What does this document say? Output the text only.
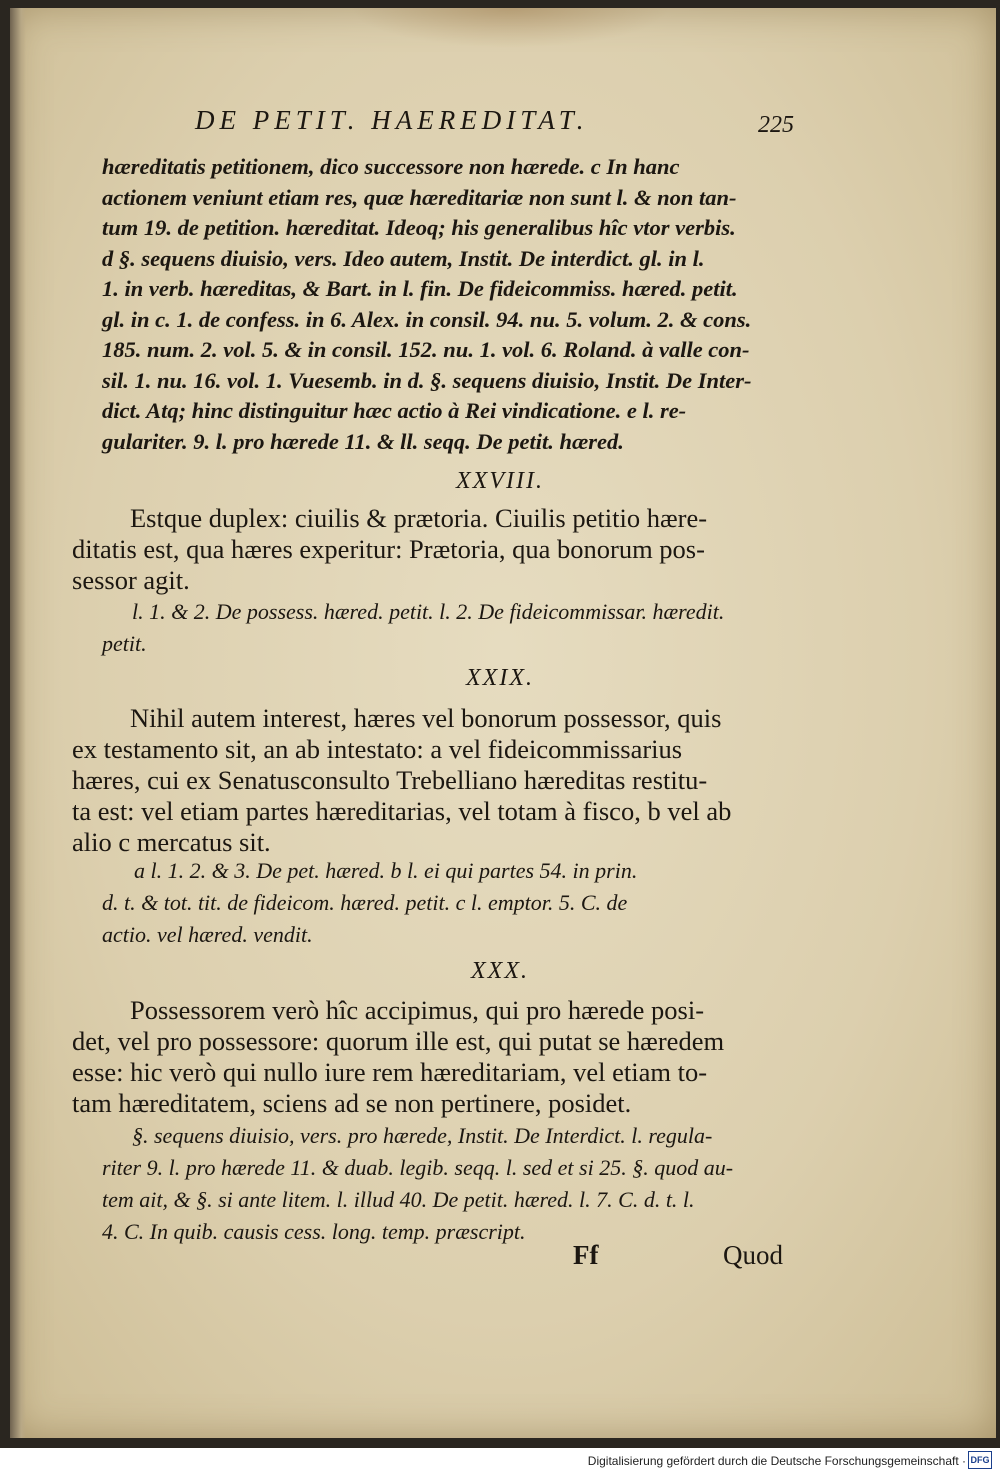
DE PETIT. HAEREDITAT.	225
hæreditatis petitionem, dico successore non hærede. c In hanc
actionem veniunt etiam res, quæ hæreditariæ non sunt l. & non tan-
tum 19. de petition. hæreditat. Ideoq; his generalibus hîc vtor verbis.
d §. sequens diuisio, vers. Ideo autem, Instit. De interdict. gl. in l.
1. in verb. hæreditas, & Bart. in l. fin. De fideicommiss. hæred. petit.
gl. in c. 1. de confess. in 6. Alex. in consil. 94. nu. 5. volum. 2. & cons.
185. num. 2. vol. 5. & in consil. 152. nu. 1. vol. 6. Roland. à valle con-
sil. 1. nu. 16. vol. 1. Vuesemb. in d. §. sequens diuisio, Instit. De Inter-
dict. Atq; hinc distinguitur hæc actio à Rei vindicatione. e l. re-
gulariter. 9. l. pro hærede 11. & ll. seqq. De petit. hæred.
XXVIII.
Estque duplex: ciuilis & prætoria. Ciuilis petitio hære-
ditatis est, qua hæres experitur: Prætoria, qua bonorum pos-
sessor agit.
l. 1. & 2. De possess. hæred. petit. l. 2. De fideicommissar. hæredit.
petit.
XXIX.
Nihil autem interest, hæres vel bonorum possessor, quis
ex testamento sit, an ab intestato: a vel fideicommissarius
hæres, cui ex Senatusconsulto Trebelliano hæreditas restitu-
ta est: vel etiam partes hæreditarias, vel totam à fisco, b vel ab
alio c mercatus sit.
a l. 1. 2. & 3. De pet. hæred. b l. ei qui partes 54. in prin.
d. t. & tot. tit. de fideicom. hæred. petit. c l. emptor. 5. C. de
actio. vel hæred. vendit.
XXX.
Possessorem verò hîc accipimus, qui pro hærede posi-
det, vel pro possessore: quorum ille est, qui putat se hæredem
esse: hic verò qui nullo iure rem hæreditariam, vel etiam to-
tam hæreditatem, sciens ad se non pertinere, posidet.
§. sequens diuisio, vers. pro hærede, Instit. De Interdict. l. regula-
riter 9. l. pro hærede 11. & duab. legib. seqq. l. sed et si 25. §. quod au-
tem ait, & §. si ante litem. l. illud 40. De petit. hæred. l. 7. C. d. t. l.
4. C. In quib. causis cess. long. temp. præscript.
Ff	Quod
Digitalisierung gefördert durch die Deutsche Forschungsgemeinschaft · DFG
